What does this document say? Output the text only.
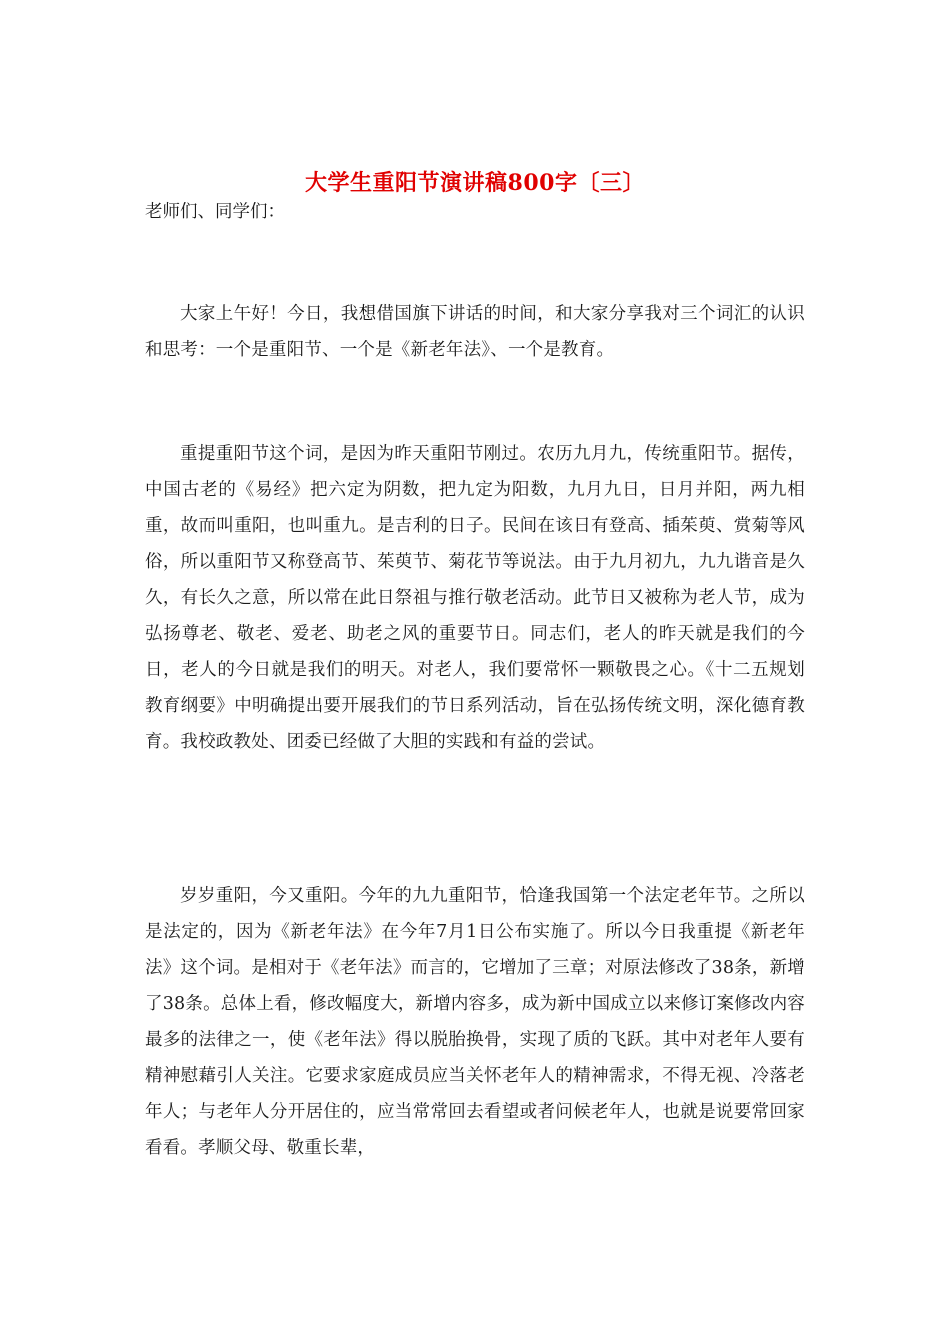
大学生重阳节演讲稿800字〔三〕
老师们、同学们：

大家上午好！今日，我想借国旗下讲话的时间，和大家分享我对三个词汇的认识和思考：一个是重阳节、一个是《新老年法》、一个是教育。

重提重阳节这个词，是因为昨天重阳节刚过。农历九月九，传统重阳节。据传，中国古老的《易经》把六定为阴数，把九定为阳数，九月九日，日月并阳，两九相重，故而叫重阳，也叫重九。是吉利的日子。民间在该日有登高、插茱萸、赏菊等风俗，所以重阳节又称登高节、茱萸节、菊花节等说法。由于九月初九，九九谐音是久久，有长久之意，所以常在此日祭祖与推行敬老活动。此节日又被称为老人节，成为弘扬尊老、敬老、爱老、助老之风的重要节日。同志们，老人的昨天就是我们的今日，老人的今日就是我们的明天。对老人，我们要常怀一颗敬畏之心。《十二五规划教育纲要》中明确提出要开展我们的节日系列活动，旨在弘扬传统文明，深化德育教育。我校政教处、团委已经做了大胆的实践和有益的尝试。

岁岁重阳，今又重阳。今年的九九重阳节，恰逢我国第一个法定老年节。之所以是法定的，因为《新老年法》在今年7月1日公布实施了。所以今日我重提《新老年法》这个词。是相对于《老年法》而言的，它增加了三章；对原法修改了38条，新增了38条。总体上看，修改幅度大，新增内容多，成为新中国成立以来修订案修改内容最多的法律之一，使《老年法》得以脱胎换骨，实现了质的飞跃。其中对老年人要有精神慰藉引人关注。它要求家庭成员应当关怀老年人的精神需求，不得无视、冷落老年人；与老年人分开居住的，应当常常回去看望或者问候老年人，也就是说要常回家看看。孝顺父母、敬重长辈，
